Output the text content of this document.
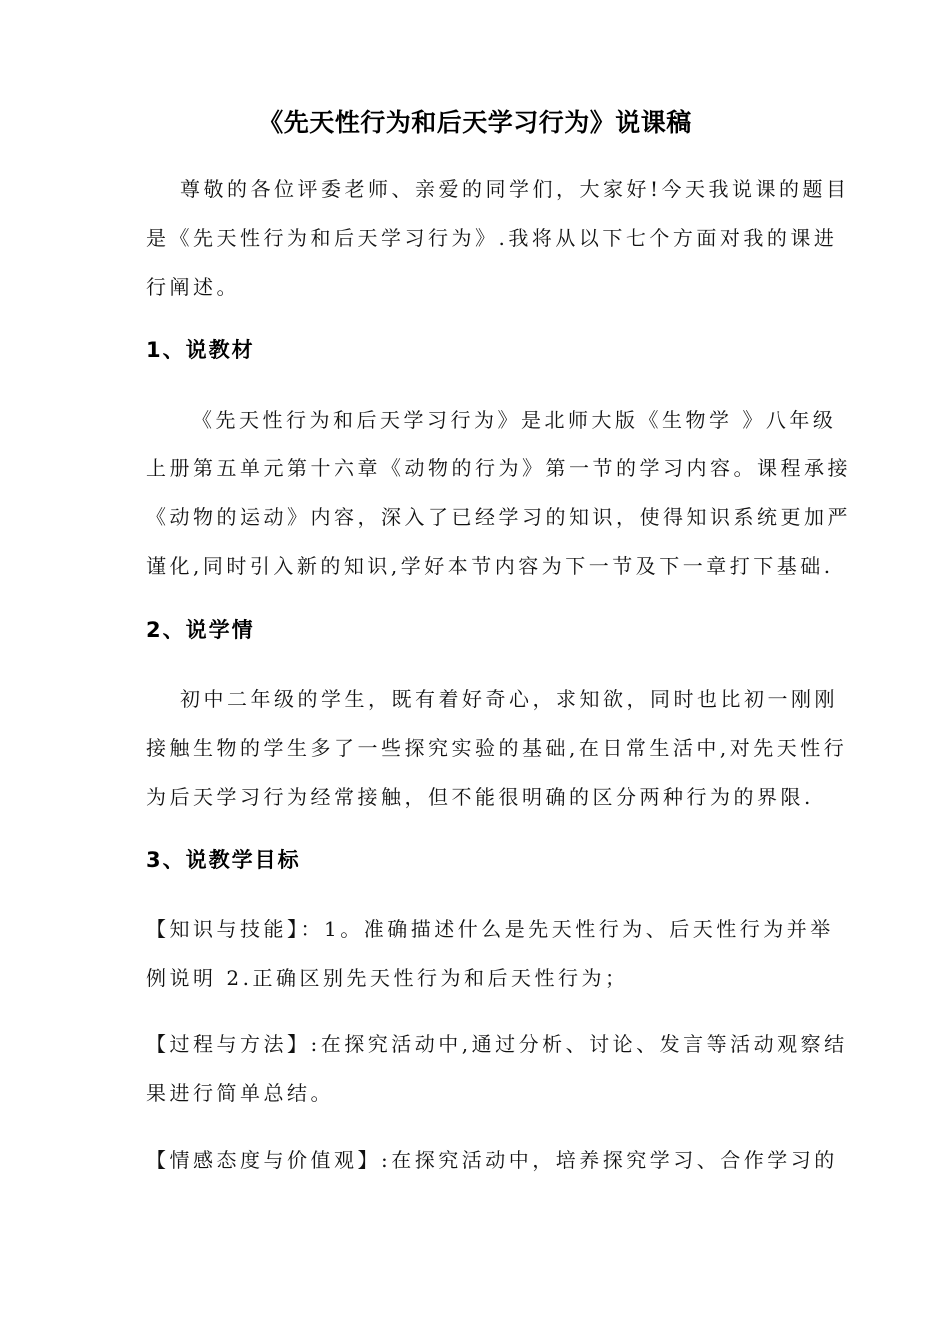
《先天性行为和后天学习行为》说课稿
尊敬的各位评委老师、亲爱的同学们，大家好!今天我说课的题目
是《先天性行为和后天学习行为》.我将从以下七个方面对我的课进
行阐述。
1、说教材
《先天性行为和后天学习行为》是北师大版《生物学 》八年级
上册第五单元第十六章《动物的行为》第一节的学习内容。课程承接
《动物的运动》内容，深入了已经学习的知识，使得知识系统更加严
谨化,同时引入新的知识,学好本节内容为下一节及下一章打下基础.
2、说学情
初中二年级的学生，既有着好奇心，求知欲，同时也比初一刚刚
接触生物的学生多了一些探究实验的基础,在日常生活中,对先天性行
为后天学习行为经常接触，但不能很明确的区分两种行为的界限.
3、说教学目标
【知识与技能】：1。准确描述什么是先天性行为、后天性行为并举
例说明 2.正确区别先天性行为和后天性行为；
【过程与方法】:在探究活动中,通过分析、讨论、发言等活动观察结
果进行简单总结。
【情感态度与价值观】:在探究活动中，培养探究学习、合作学习的
